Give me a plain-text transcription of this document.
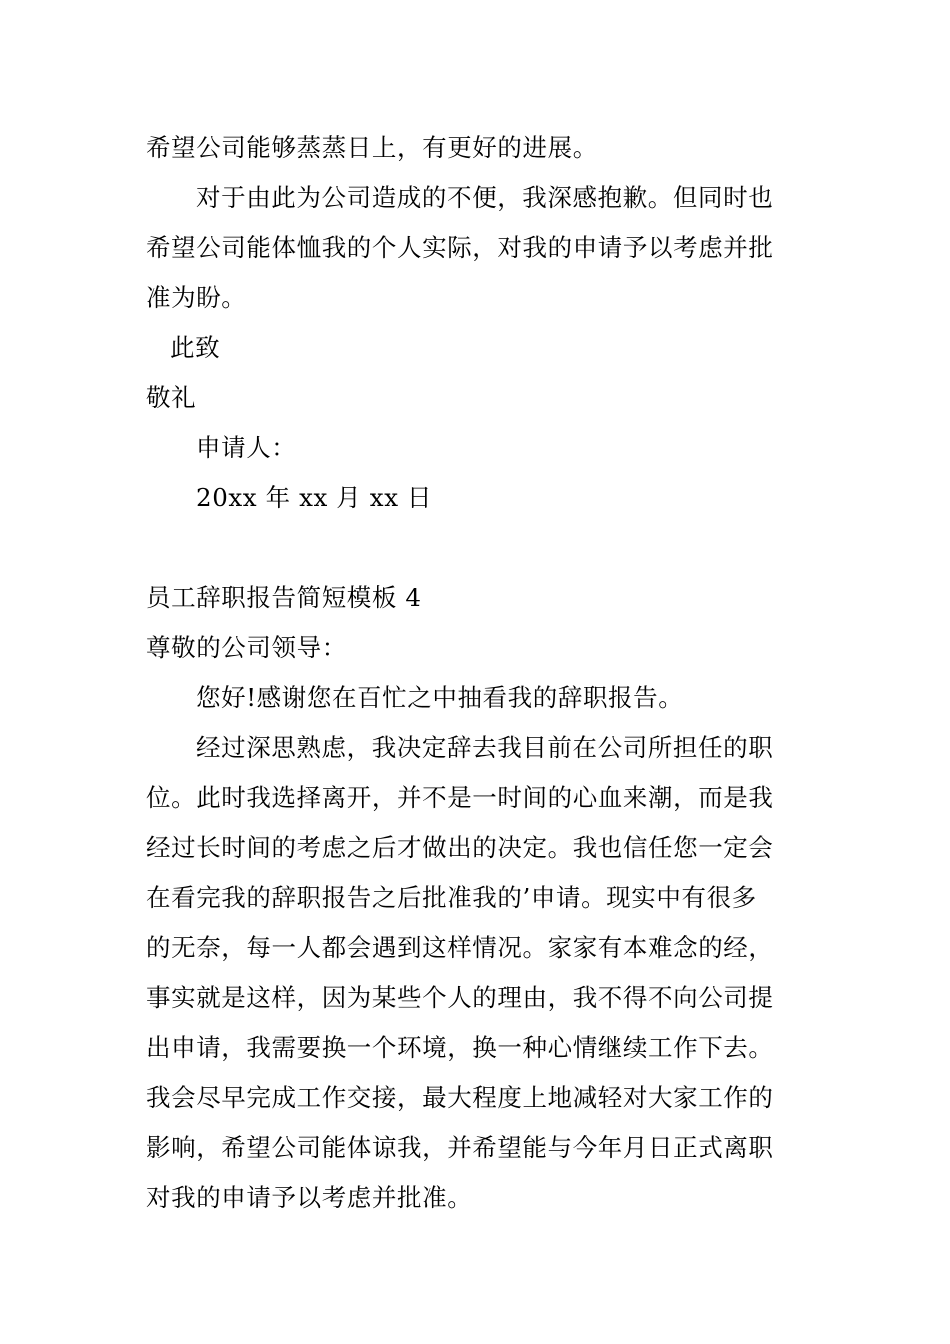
希望公司能够蒸蒸日上，有更好的进展。
对于由此为公司造成的不便，我深感抱歉。但同时也
希望公司能体恤我的个人实际，对我的申请予以考虑并批
准为盼。
此致
敬礼
申请人：
20xx 年 xx 月 xx 日
员工辞职报告简短模板 4
尊敬的公司领导：
您好!感谢您在百忙之中抽看我的辞职报告。
经过深思熟虑，我决定辞去我目前在公司所担任的职
位。此时我选择离开，并不是一时间的心血来潮，而是我
经过长时间的考虑之后才做出的决定。我也信任您一定会
在看完我的辞职报告之后批准我的’申请。现实中有很多
的无奈，每一人都会遇到这样情况。家家有本难念的经，
事实就是这样，因为某些个人的理由，我不得不向公司提
出申请，我需要换一个环境，换一种心情继续工作下去。
我会尽早完成工作交接，最大程度上地减轻对大家工作的
影响，希望公司能体谅我，并希望能与今年月日正式离职
对我的申请予以考虑并批准。
